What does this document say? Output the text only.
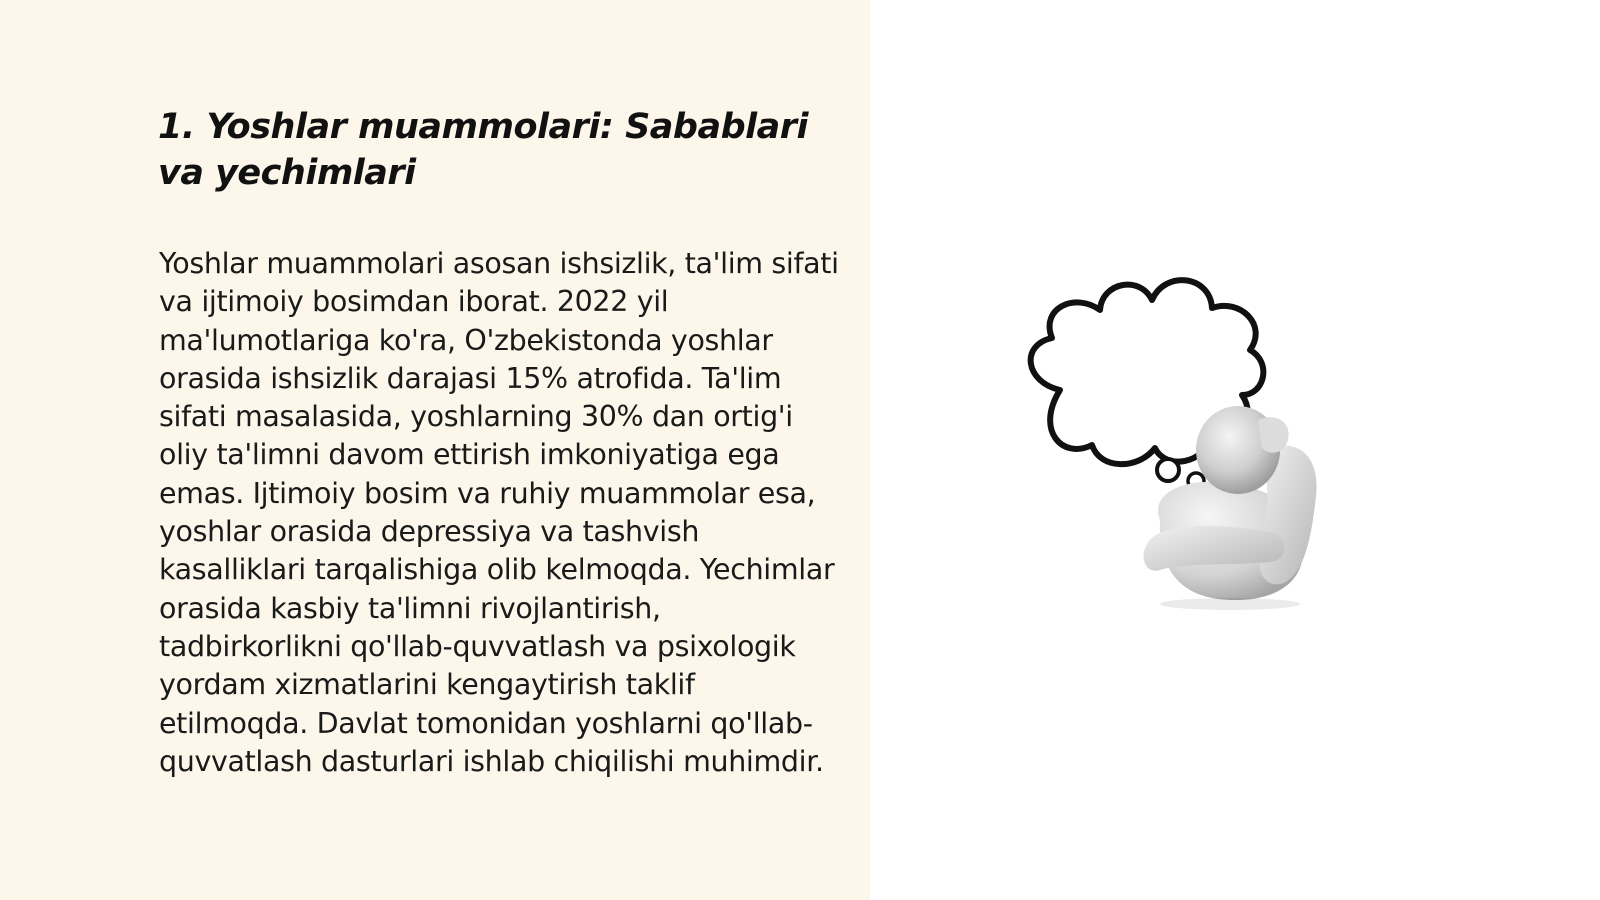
1. Yoshlar muammolari: Sabablari va yechimlari

Yoshlar muammolari asosan ishsizlik, ta'lim sifati va ijtimoiy bosimdan iborat. 2022 yil ma'lumotlariga ko'ra, O'zbekistonda yoshlar orasida ishsizlik darajasi 15% atrofida. Ta'lim sifati masalasida, yoshlarning 30% dan ortig'i oliy ta'limni davom ettirish imkoniyatiga ega emas. Ijtimoiy bosim va ruhiy muammolar esa, yoshlar orasida depressiya va tashvish kasalliklari tarqalishiga olib kelmoqda. Yechimlar orasida kasbiy ta'limni rivojlantirish, tadbirkorlikni qo'llab-quvvatlash va psixologik yordam xizmatlarini kengaytirish taklif etilmoqda. Davlat tomonidan yoshlarni qo'llab-quvvatlash dasturlari ishlab chiqilishi muhimdir.
